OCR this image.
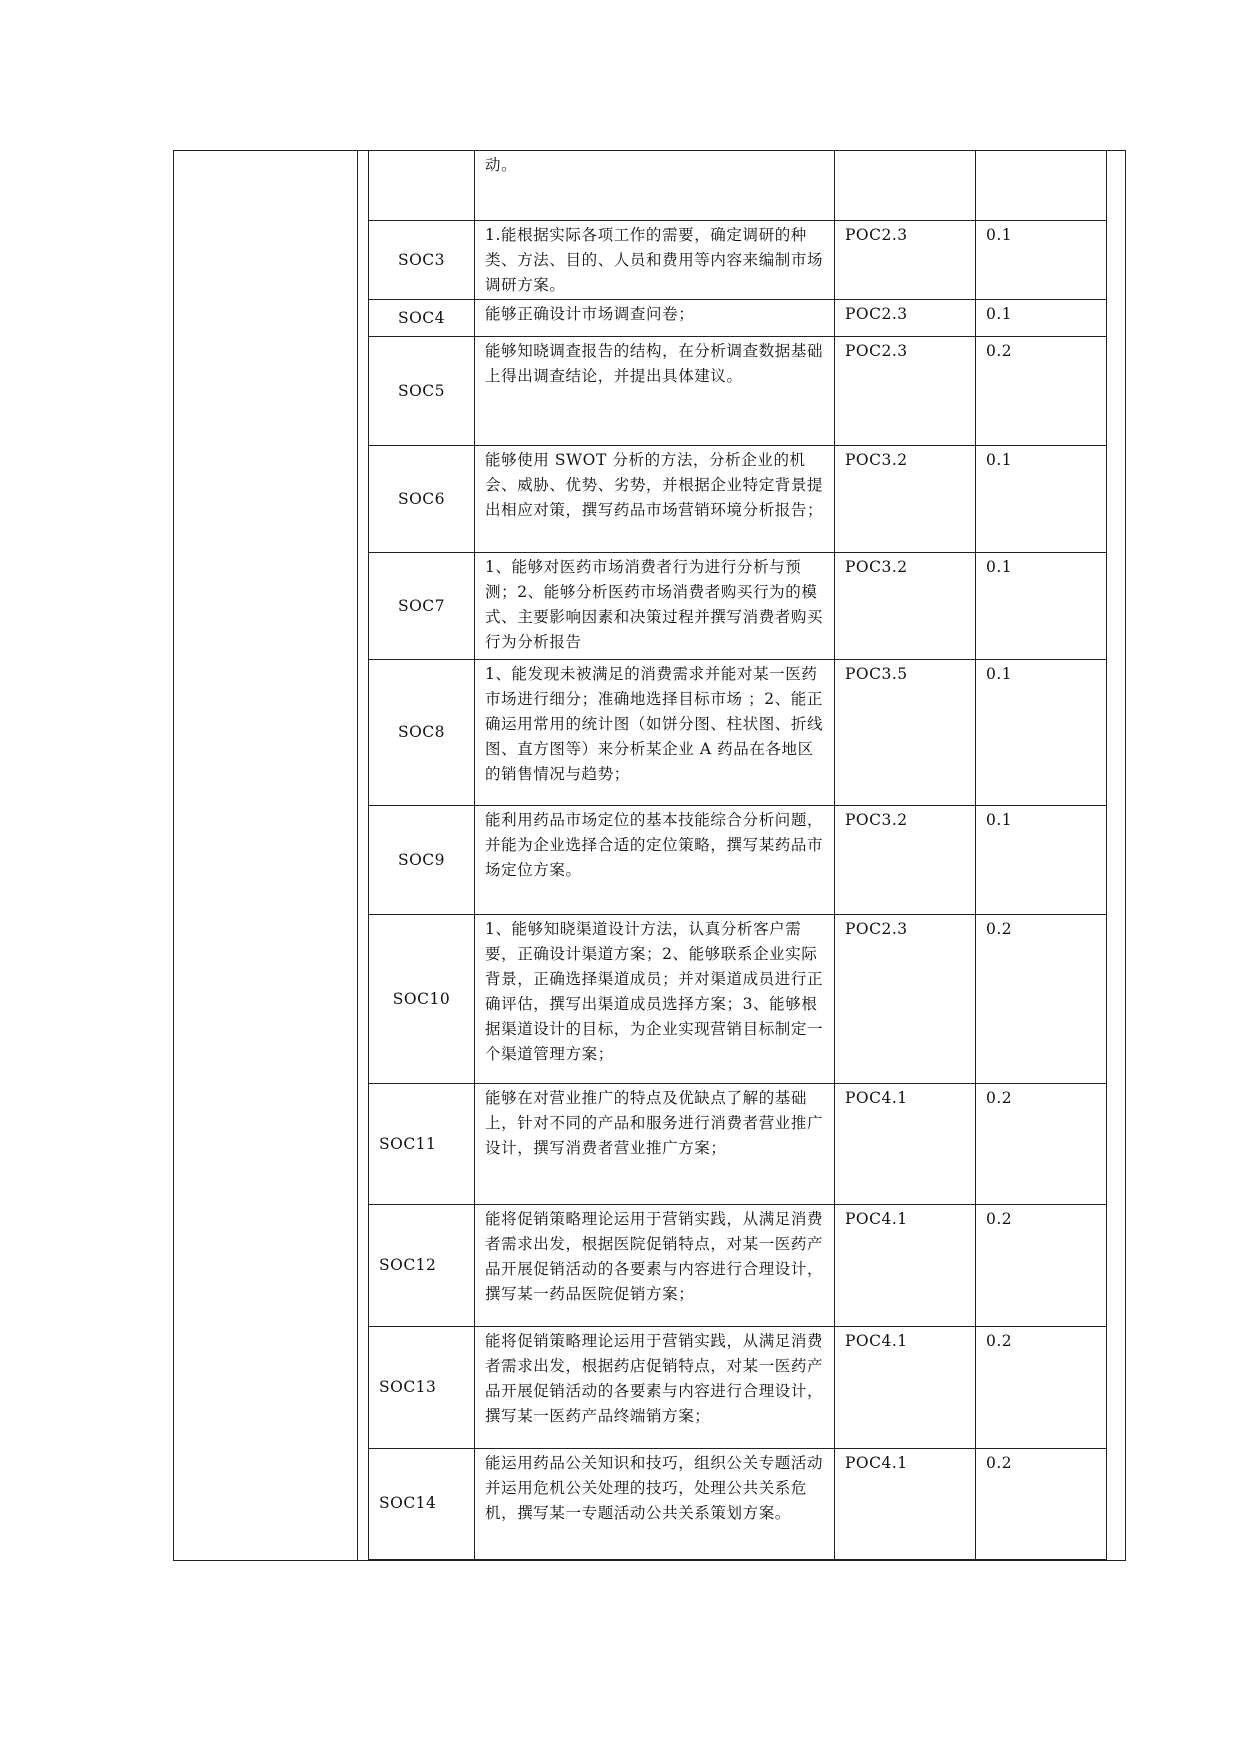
	动。		
SOC3	1.能根据实际各项工作的需要，确定调研的种类、方法、目的、人员和费用等内容来编制市场调研方案。	POC2.3	0.1
SOC4	能够正确设计市场调查问卷；	POC2.3	0.1
SOC5	能够知晓调查报告的结构，在分析调查数据基础上得出调查结论，并提出具体建议。	POC2.3	0.2
SOC6	能够使用 SWOT 分析的方法，分析企业的机会、威胁、优势、劣势，并根据企业特定背景提出相应对策，撰写药品市场营销环境分析报告；	POC3.2	0.1
SOC7	1、能够对医药市场消费者行为进行分析与预测；2、能够分析医药市场消费者购买行为的模式、主要影响因素和决策过程并撰写消费者购买行为分析报告	POC3.2	0.1
SOC8	1、能发现未被满足的消费需求并能对某一医药市场进行细分；准确地选择目标市场 ；2、能正确运用常用的统计图（如饼分图、柱状图、折线图、直方图等）来分析某企业 A 药品在各地区的销售情况与趋势；	POC3.5	0.1
SOC9	能利用药品市场定位的基本技能综合分析问题，并能为企业选择合适的定位策略，撰写某药品市场定位方案。	POC3.2	0.1
SOC10	1、能够知晓渠道设计方法，认真分析客户需要，正确设计渠道方案；2、能够联系企业实际背景，正确选择渠道成员；并对渠道成员进行正确评估，撰写出渠道成员选择方案；3、能够根据渠道设计的目标，为企业实现营销目标制定一个渠道管理方案；	POC2.3	0.2
SOC11	能够在对营业推广的特点及优缺点了解的基础上，针对不同的产品和服务进行消费者营业推广设计，撰写消费者营业推广方案；	POC4.1	0.2
SOC12	能将促销策略理论运用于营销实践，从满足消费者需求出发，根据医院促销特点，对某一医药产品开展促销活动的各要素与内容进行合理设计，撰写某一药品医院促销方案；	POC4.1	0.2
SOC13	能将促销策略理论运用于营销实践，从满足消费者需求出发，根据药店促销特点，对某一医药产品开展促销活动的各要素与内容进行合理设计，撰写某一医药产品终端销方案；	POC4.1	0.2
SOC14	能运用药品公关知识和技巧，组织公关专题活动并运用危机公关处理的技巧，处理公共关系危机，撰写某一专题活动公共关系策划方案。	POC4.1	0.2
